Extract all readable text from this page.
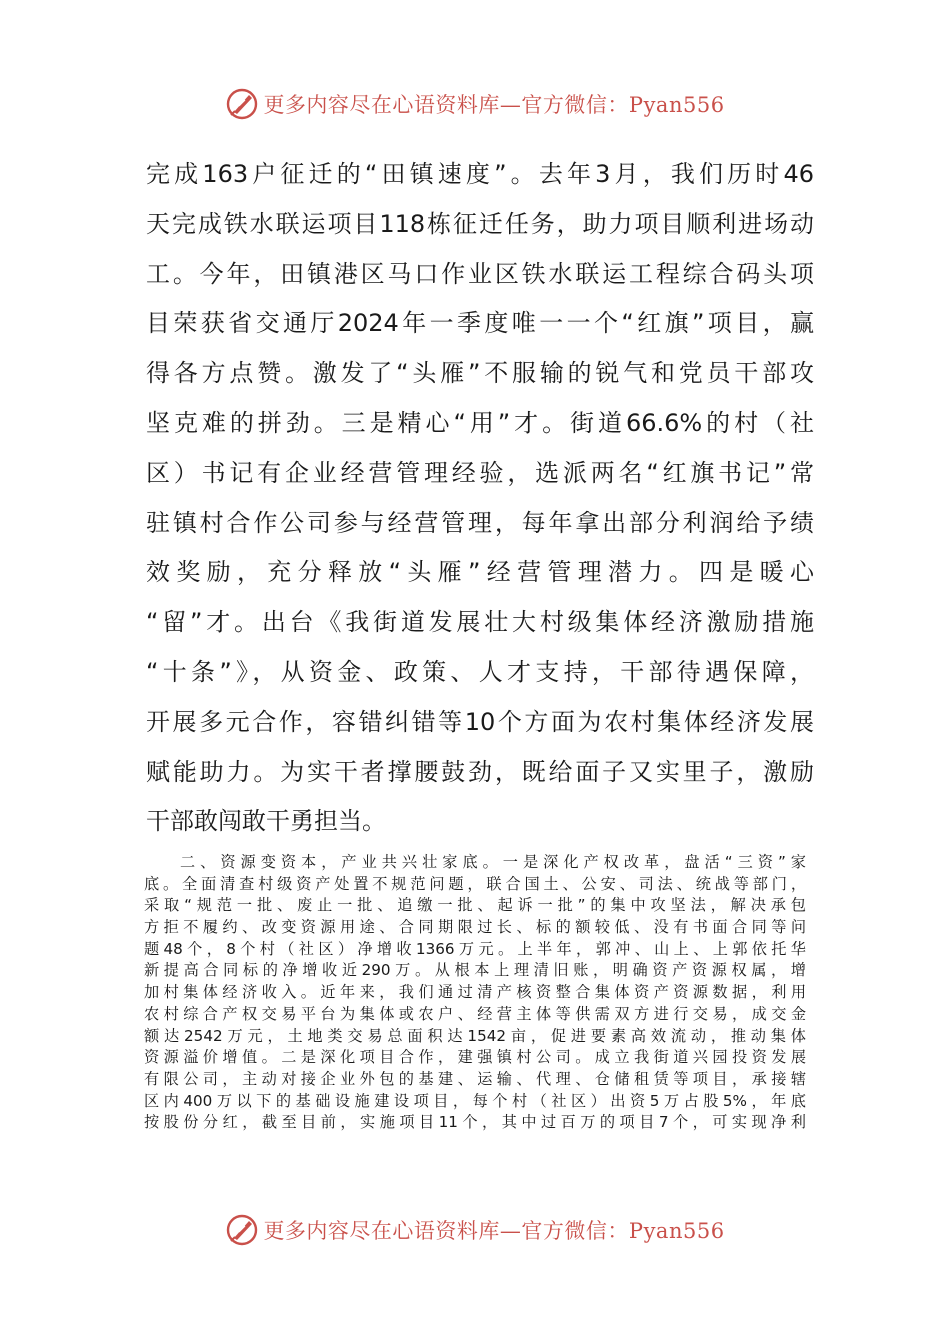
更多内容尽在心语资料库—官方微信：Pyan556
完成163户征迁的“田镇速度”。去年3月，我们历时46
天完成铁水联运项目118栋征迁任务，助力项目顺利进场动
工。今年，田镇港区马口作业区铁水联运工程综合码头项
目荣获省交通厅2024年一季度唯一一个“红旗”项目，赢
得各方点赞。激发了“头雁”不服输的锐气和党员干部攻
坚克难的拼劲。三是精心“用”才。街道66.6%的村（社
区）书记有企业经营管理经验，选派两名“红旗书记”常
驻镇村合作公司参与经营管理，每年拿出部分利润给予绩
效奖励，充分释放“头雁”经营管理潜力。四是暖心
“留”才。出台《我街道发展壮大村级集体经济激励措施
“十条”》，从资金、政策、人才支持，干部待遇保障，
开展多元合作，容错纠错等10个方面为农村集体经济发展
赋能助力。为实干者撑腰鼓劲，既给面子又实里子，激励
干部敢闯敢干勇担当。
二、资源变资本，产业共兴壮家底。一是深化产权改革，盘活“三资”家
底。全面清查村级资产处置不规范问题，联合国土、公安、司法、统战等部门，
采取“规范一批、废止一批、追缴一批、起诉一批”的集中攻坚法，解决承包
方拒不履约、改变资源用途、合同期限过长、标的额较低、没有书面合同等问
题48个，8个村（社区）净增收1366万元。上半年，郭冲、山上、上郭依托华
新提高合同标的净增收近290万。从根本上理清旧账，明确资产资源权属，增
加村集体经济收入。近年来，我们通过清产核资整合集体资产资源数据，利用
农村综合产权交易平台为集体或农户、经营主体等供需双方进行交易，成交金
额达2542万元，土地类交易总面积达1542亩，促进要素高效流动，推动集体
资源溢价增值。二是深化项目合作，建强镇村公司。成立我街道兴园投资发展
有限公司，主动对接企业外包的基建、运输、代理、仓储租赁等项目，承接辖
区内400万以下的基础设施建设项目，每个村（社区）出资5万占股5%，年底
按股份分红，截至目前，实施项目11个，其中过百万的项目7个，可实现净利
更多内容尽在心语资料库—官方微信：Pyan556
